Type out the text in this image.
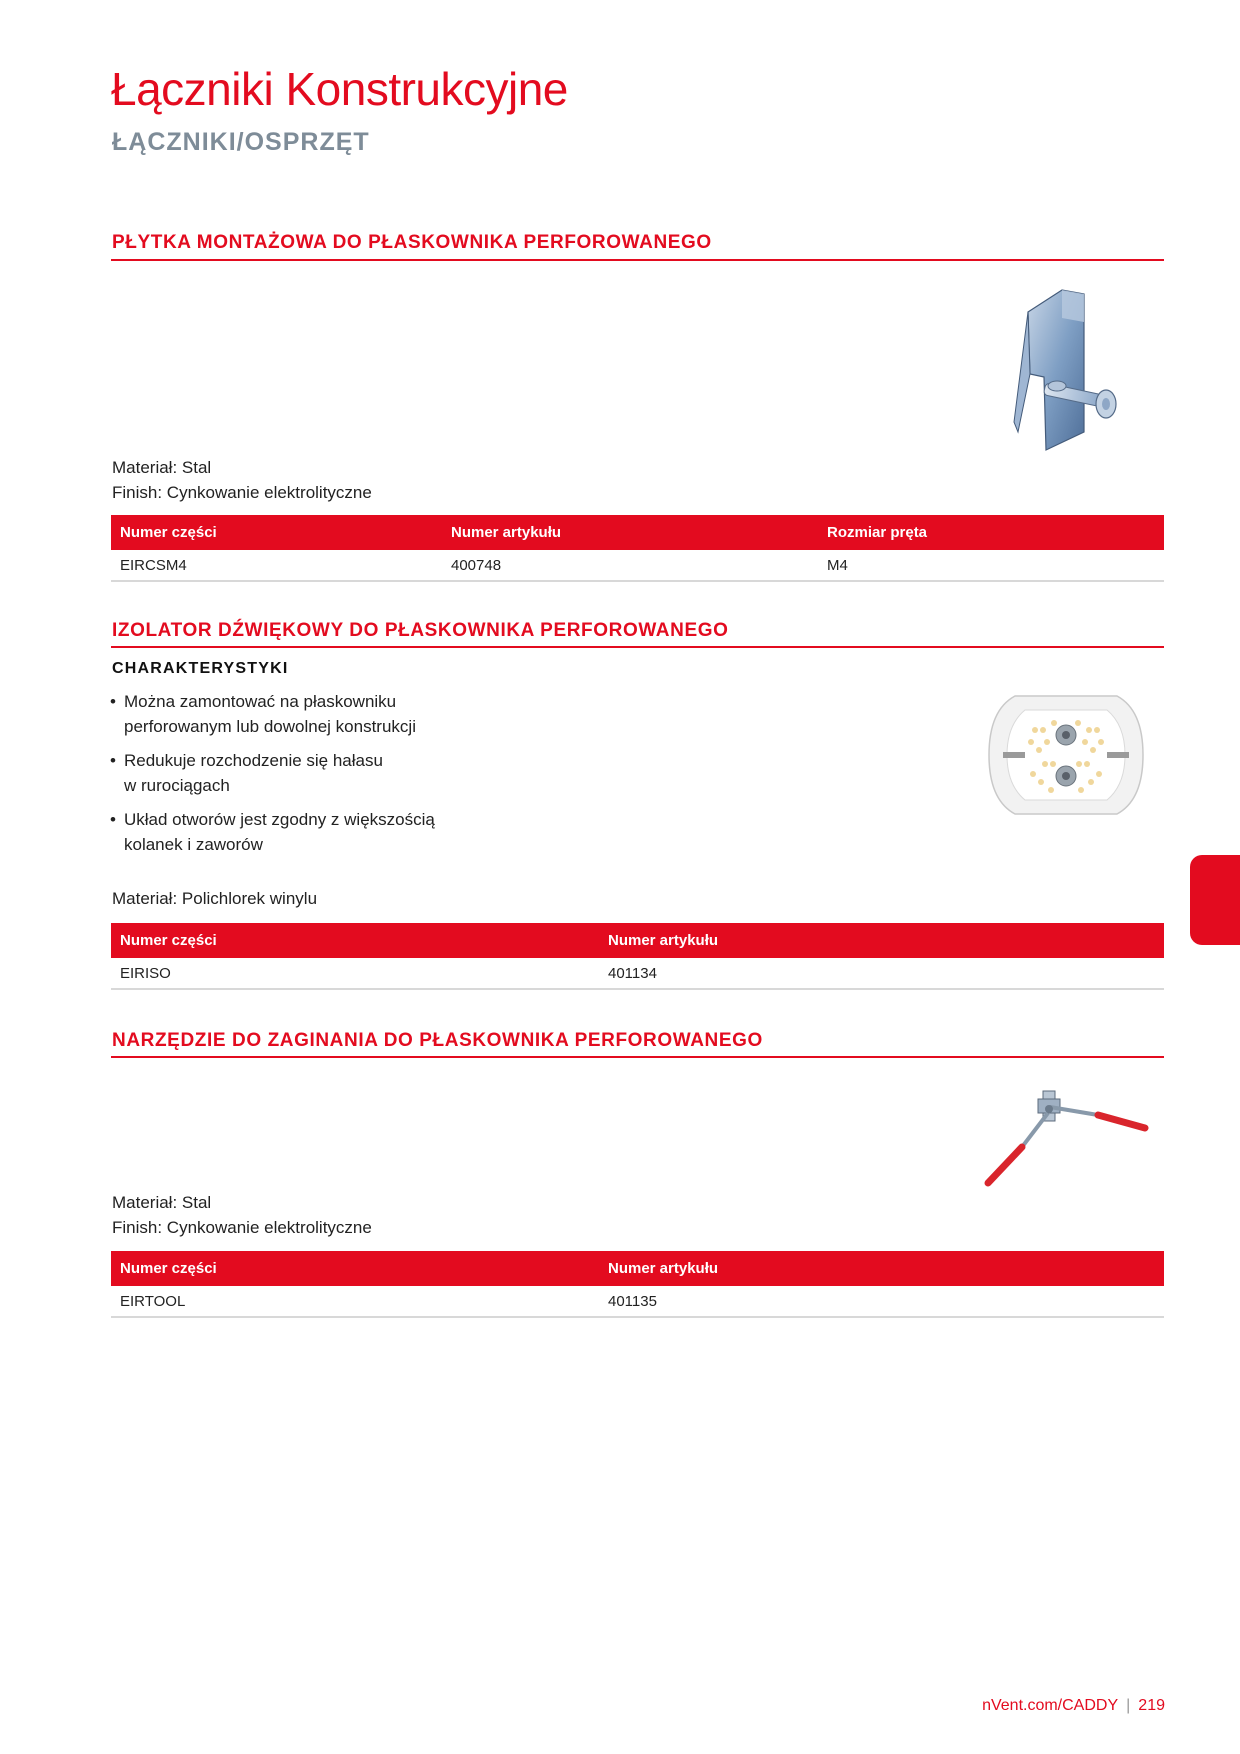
Łączniki Konstrukcyjne
ŁĄCZNIKI/OSPRZĘT
PŁYTKA MONTAŻOWA DO PŁASKOWNIKA PERFOROWANEGO
Materiał: Stal
Finish: Cynkowanie elektrolityczne
Numer części	Numer artykułu	Rozmiar pręta
EIRCSM4	400748	M4
IZOLATOR DŹWIĘKOWY DO PŁASKOWNIKA PERFOROWANEGO
CHARAKTERYSTYKI
• Można zamontować na płaskowniku
perforowanym lub dowolnej konstrukcji
• Redukuje rozchodzenie się hałasu
w rurociągach
• Układ otworów jest zgodny z większością
kolanek i zaworów
Materiał: Polichlorek winylu
Numer części	Numer artykułu
EIRISO	401134
NARZĘDZIE DO ZAGINANIA DO PŁASKOWNIKA PERFOROWANEGO
Materiał: Stal
Finish: Cynkowanie elektrolityczne
Numer części	Numer artykułu
EIRTOOL	401135
nVent.com/CADDY | 219
